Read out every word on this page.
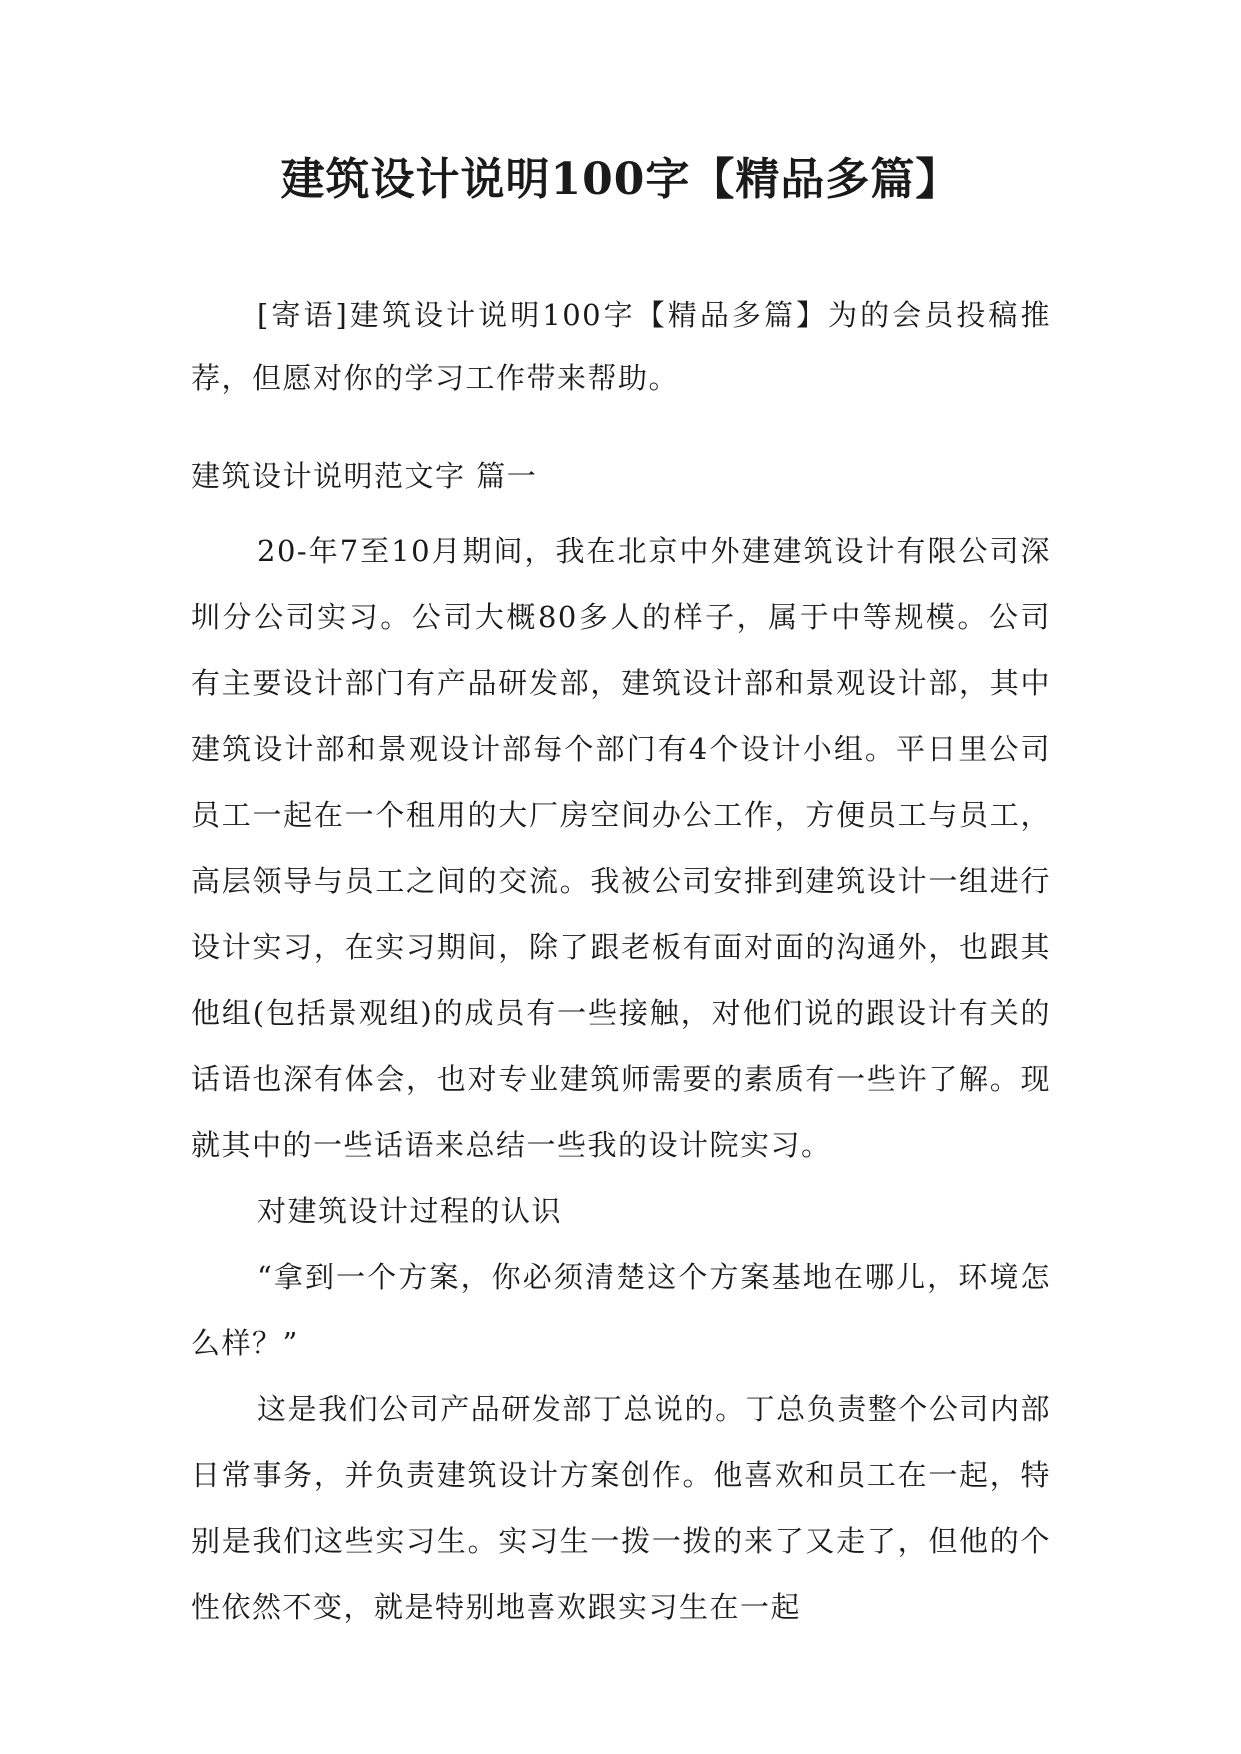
建筑设计说明100字【精品多篇】

[寄语]建筑设计说明100字【精品多篇】为的会员投稿推荐，但愿对你的学习工作带来帮助。

建筑设计说明范文字 篇一

20-年7至10月期间，我在北京中外建建筑设计有限公司深圳分公司实习。公司大概80多人的样子，属于中等规模。公司有主要设计部门有产品研发部，建筑设计部和景观设计部，其中建筑设计部和景观设计部每个部门有4个设计小组。平日里公司员工一起在一个租用的大厂房空间办公工作，方便员工与员工，高层领导与员工之间的交流。我被公司安排到建筑设计一组进行设计实习，在实习期间，除了跟老板有面对面的沟通外，也跟其他组(包括景观组)的成员有一些接触，对他们说的跟设计有关的话语也深有体会，也对专业建筑师需要的素质有一些许了解。现就其中的一些话语来总结一些我的设计院实习。

对建筑设计过程的认识

“拿到一个方案，你必须清楚这个方案基地在哪儿，环境怎么样？”

这是我们公司产品研发部丁总说的。丁总负责整个公司内部日常事务，并负责建筑设计方案创作。他喜欢和员工在一起，特别是我们这些实习生。实习生一拨一拨的来了又走了，但他的个性依然不变，就是特别地喜欢跟实习生在一起
